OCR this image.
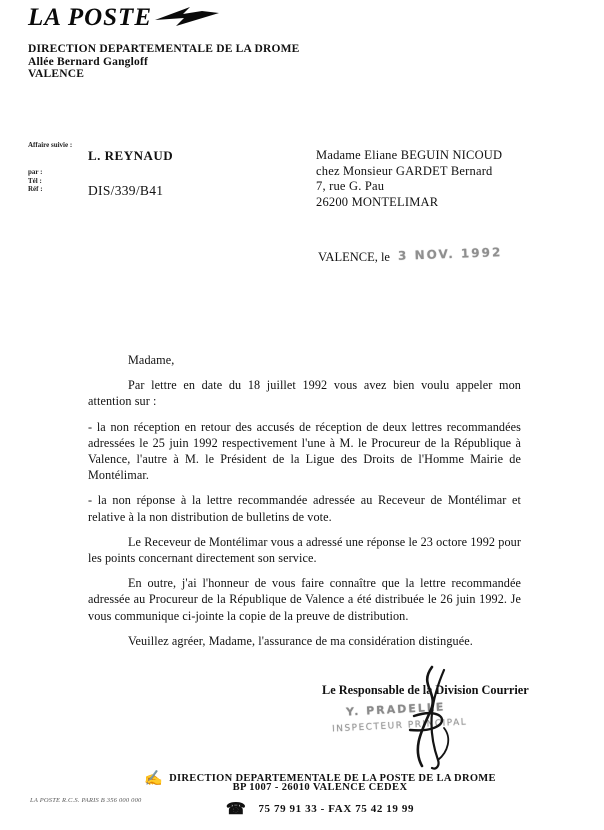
LA POSTE
DIRECTION DEPARTEMENTALE DE LA DROME
Allée Bernard Gangloff
VALENCE
Affaire suivie :
par :
Tél :
Réf :
L. REYNAUD
DIS/339/B41
Madame Eliane BEGUIN NICOUD
chez Monsieur GARDET Bernard
7, rue G. Pau
26200 MONTELIMAR
VALENCE, le 3 NOV. 1992

Madame,

Par lettre en date du 18 juillet 1992 vous avez bien voulu appeler mon attention sur :

- la non réception en retour des accusés de réception de deux lettres recommandées adressées le 25 juin 1992 respectivement l'une à M. le Procureur de la République à Valence, l'autre à M. le Président de la Ligue des Droits de l'Homme Mairie de Montélimar.

- la non réponse à la lettre recommandée adressée au Receveur de Montélimar et relative à la non distribution de bulletins de vote.

Le Receveur de Montélimar vous a adressé une réponse le 23 octore 1992 pour les points concernant directement son service.

En outre, j'ai l'honneur de vous faire connaître que la lettre recommandée adressée au Procureur de la République de Valence a été distribuée le 26 juin 1992. Je vous communique ci-jointe la copie de la preuve de distribution.

Veuillez agréer, Madame, l'assurance de ma considération distinguée.

Le Responsable de la Division Courrier
Y. PRADELLE
INSPECTEUR PRINCIPAL
✍ DIRECTION DEPARTEMENTALE DE LA POSTE DE LA DROME
BP 1007 - 26010 VALENCE CEDEX
☎ 75 79 91 33 - FAX 75 42 19 99
LA POSTE R.C.S. PARIS B 356 000 000
